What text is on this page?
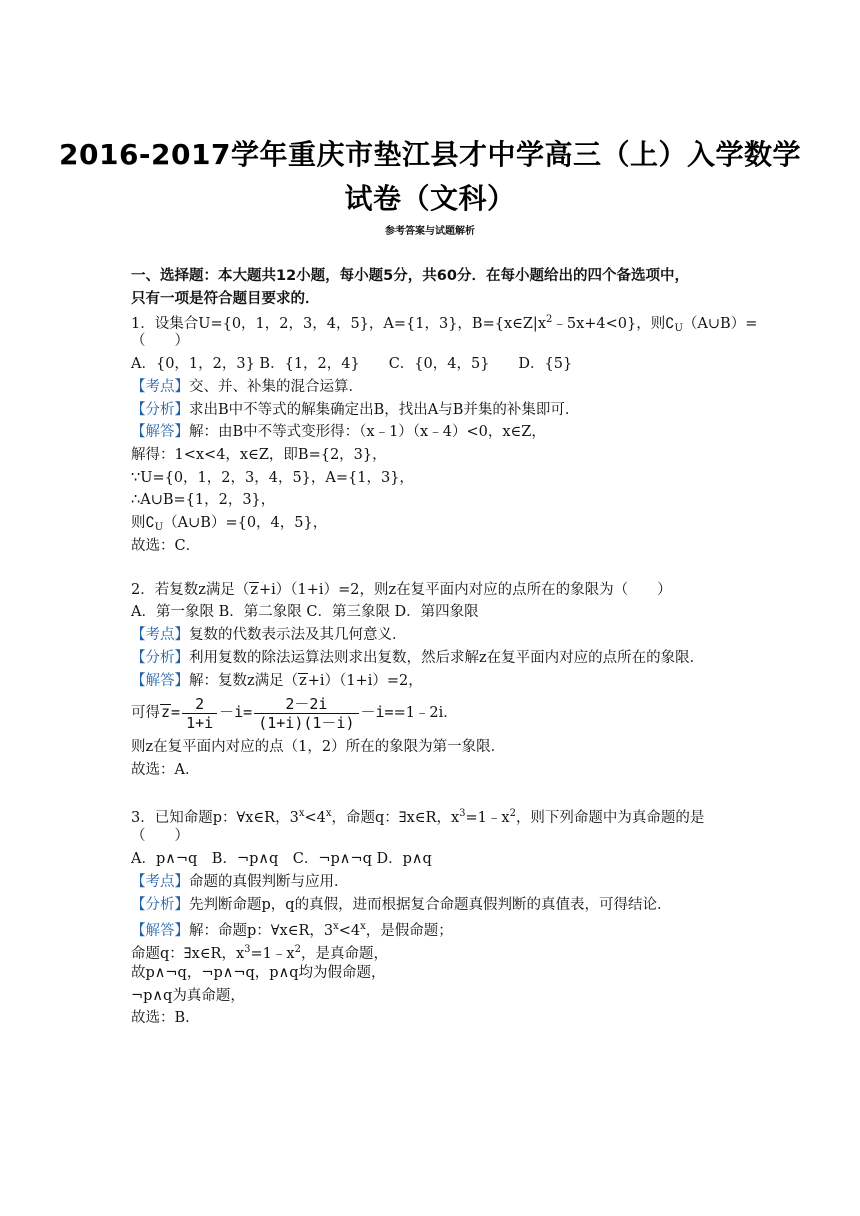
2016-2017学年重庆市垫江县才中学高三（上）入学数学
试卷（文科）
参考答案与试题解析
一、选择题：本大题共12小题，每小题5分，共60分．在每小题给出的四个备选项中，
只有一项是符合题目要求的．
1．设集合U={0，1，2，3，4，5}，A={1，3}，$B=\{x\in Z|x^2﹣5x+4<0\}$，则$∁_U(A\cup B)=$
（　　）
A．{0，1，2，3} B．{1，2，4}　　C．{0，4，5}　　D．{5}
【考点】交、并、补集的混合运算．
【分析】求出B中不等式的解集确定出B，找出A与B并集的补集即可．
【解答】解：由B中不等式变形得：（x﹣1）（x﹣4）<0，x∈Z，
解得：1<x<4，x∈Z，即B={2，3}，
∵U={0，1，2，3，4，5}，A={1，3}，
∴A∪B={1，2，3}，
则$∁_U(A\cup B)=\{0$，4，5}，
故选：C．
2．若复数z满足（z+i）（1+i）=2，则z在复平面内对应的点所在的象限为（　　）
A．第一象限 B．第二象限 C．第三象限 D．第四象限
【考点】复数的代数表示法及其几何意义．
【分析】利用复数的除法运算法则求出复数，然后求解z在复平面内对应的点所在的象限．
【解答】解：复数z满足（z+i）（1+i）=2，
可得$z= \frac{2}{1+i} -i= \frac{2-2i}{(1+i)(1-i)}$ －i==1﹣2i．
则z在复平面内对应的点（1，2）所在的象限为第一象限．
故选：A．
3．已知命题p：∀x∈R，$3^x<4^x$，命题q：∃x∈R，$x^3=1﹣x^2$，则下列命题中为真命题的是
（　　）
A．p∧¬q　B．¬p∧q　C．¬p∧¬q D．p∧q
【考点】命题的真假判断与应用．
【分析】先判断命题p，q的真假，进而根据复合命题真假判断的真值表，可得结论．
【解答】解：命题p：∀x∈R，$3^x<4^x$，是假命题；
命题q：∃x∈R，$x^3=1﹣x^2$，是真命题，
故p∧¬q，¬p∧¬q，p∧q均为假命题，
¬p∧q为真命题，
故选：B．
